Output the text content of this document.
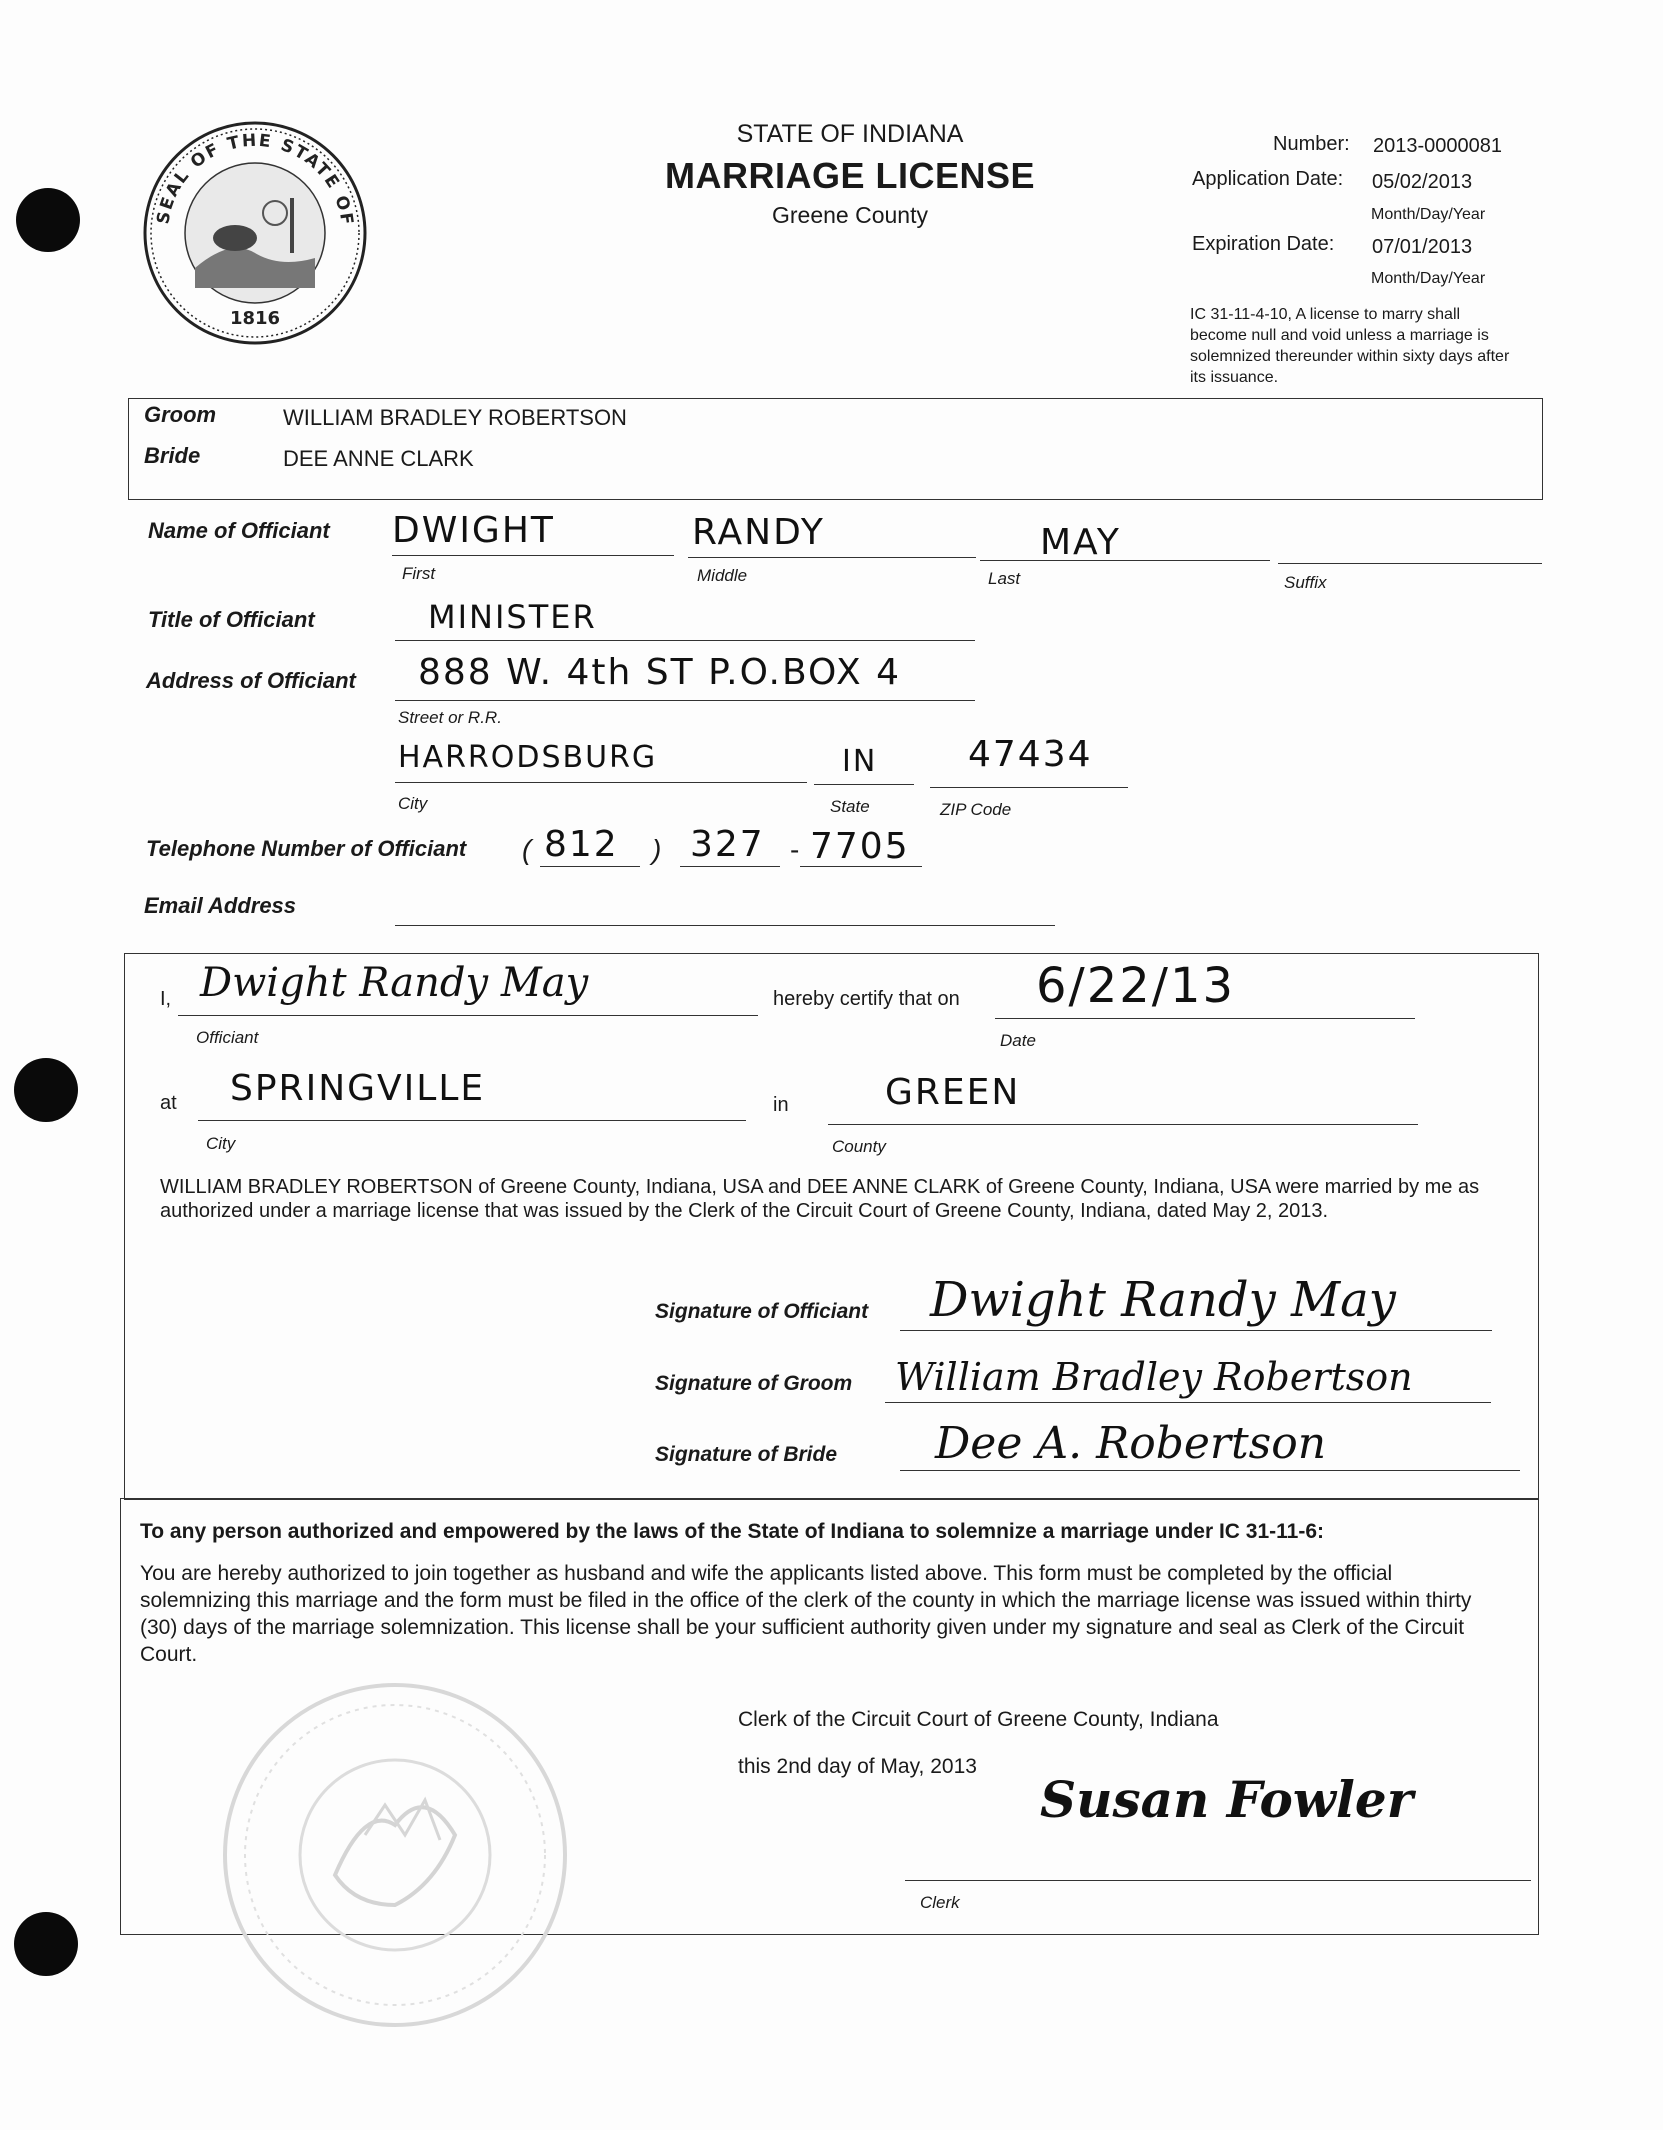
SEAL OF THE STATE OF
1816
STATE OF INDIANA
MARRIAGE LICENSE
Greene County
Number: 2013-0000081
Application Date: 05/02/2013
Month/Day/Year
Expiration Date: 07/01/2013
Month/Day/Year
IC 31-11-4-10, A license to marry shall become null and void unless a marriage is solemnized thereunder within sixty days after its issuance.
Groom	WILLIAM BRADLEY ROBERTSON
Bride	DEE ANNE CLARK
Name of Officiant DWIGHT	RANDY	MAY
First	Middle	Last	Suffix
Title of Officiant	MINISTER
Address of Officiant 888 W. 4th ST P.O.BOX 4
Street or R.R.
HARRODSBURG	IN	47434
City	State	ZIP Code
Telephone Number of Officiant ( 812 ) 327 - 7705
Email Address
I, Dwight Randy May
Officiant
hereby certify that on 6/22/13
Date
at SPRINGVILLE
City
in	GREEN
County
WILLIAM BRADLEY ROBERTSON of Greene County, Indiana, USA and DEE ANNE CLARK of Greene County, Indiana, USA were married by me as authorized under a marriage license that was issued by the Clerk of the Circuit Court of Greene County, Indiana, dated May 2, 2013.
Signature of Officiant Dwight Randy May
Signature of Groom William Bradley Robertson
Signature of Bride Dee A. Robertson
To any person authorized and empowered by the laws of the State of Indiana to solemnize a marriage under IC 31-11-6:
You are hereby authorized to join together as husband and wife the applicants listed above. This form must be completed by the official solemnizing this marriage and the form must be filed in the office of the clerk of the county in which the marriage license was issued within thirty (30) days of the marriage solemnization. This license shall be your sufficient authority given under my signature and seal as Clerk of the Circuit Court.
Clerk of the Circuit Court of Greene County, Indiana
this 2nd day of May, 2013
Susan Fowler
Clerk
